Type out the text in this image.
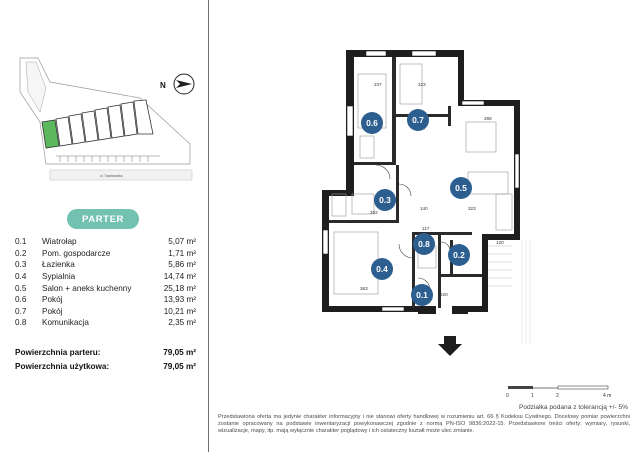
N
ul. Tuwimowska
PARTER
0.1	Wiatrołap	5,07 m²
0.2	Pom. gospodarcze	1,71 m²
0.3	Łazienka	5,86 m²
0.4	Sypialnia	14,74 m²
0.5	Salon + aneks kuchenny	25,18 m²
0.6	Pokój	13,93 m²
0.7	Pokój	10,21 m²
0.8	Komunikacja	2,35 m²
Powierzchnia parteru:	79,05 m²
Powierzchnia użytkowa:	79,05 m²
237	223
288
140	323
252
117
120
363
220
0.6	0.7
0.5
0.3
0.8
0.2
0.4
0.1
0	1	2	4 m
Podziałka podana z tolerancją +/- 5%
Przedstawiona oferta ma jedynie charakter informacyjny i nie stanowi oferty handlowej w rozumieniu art. 66 § Kodeksu Cywilnego. Docelowy pomiar powierzchni zostanie opracowany na podstawie inwentaryzacji powykonawczej zgodnie z normą PN-ISO 9836:2022-15. Przedstawione treści oferty: wymiary, rysunki, wizualizacje, mapy, itp. mają wyłącznie charakter poglądowy i ich ostateczny kształt może ulec zmianie.
